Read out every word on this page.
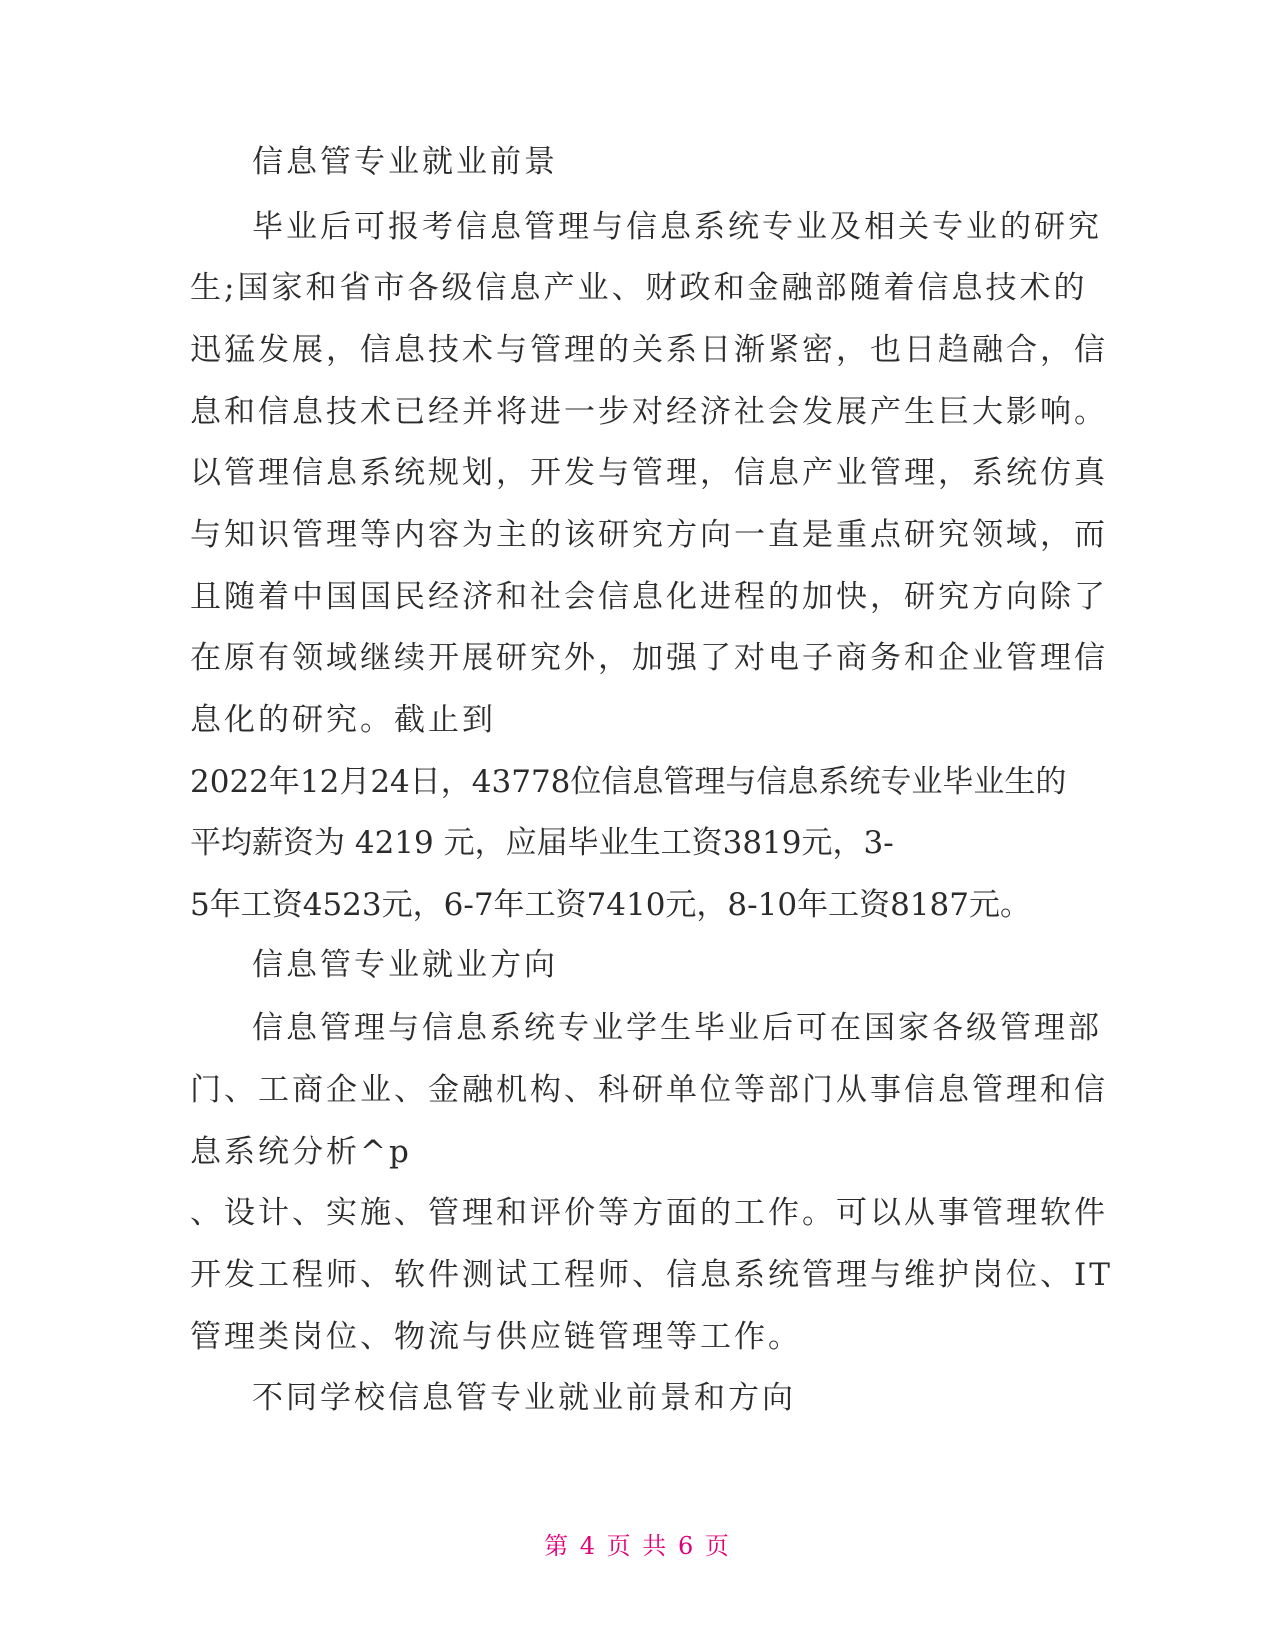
信息管专业就业前景

毕业后可报考信息管理与信息系统专业及相关专业的研究

生;国家和省市各级信息产业、财政和金融部随着信息技术的

迅猛发展，信息技术与管理的关系日渐紧密，也日趋融合，信

息和信息技术已经并将进一步对经济社会发展产生巨大影响。

以管理信息系统规划，开发与管理，信息产业管理，系统仿真

与知识管理等内容为主的该研究方向一直是重点研究领域，而

且随着中国国民经济和社会信息化进程的加快，研究方向除了

在原有领域继续开展研究外，加强了对电子商务和企业管理信

息化的研究。截止到

2022年12月24日，43778位信息管理与信息系统专业毕业生的

平均薪资为 4219 元，应届毕业生工资3819元，3-

5年工资4523元，6-7年工资7410元，8-10年工资8187元。

信息管专业就业方向

信息管理与信息系统专业学生毕业后可在国家各级管理部

门、工商企业、金融机构、科研单位等部门从事信息管理和信

息系统分析^p

、设计、实施、管理和评价等方面的工作。可以从事管理软件

开发工程师、软件测试工程师、信息系统管理与维护岗位、IT

管理类岗位、物流与供应链管理等工作。

不同学校信息管专业就业前景和方向

第 4 页 共 6 页
